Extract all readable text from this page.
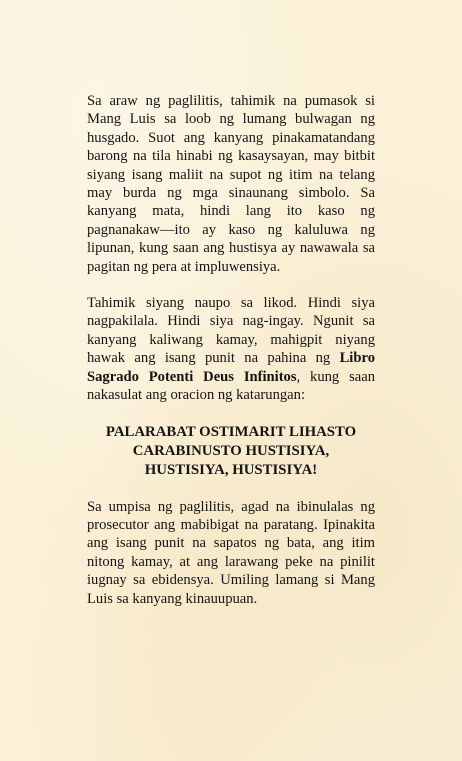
Sa araw ng paglilitis, tahimik na pumasok si Mang Luis sa loob ng lumang bulwagan ng husgado. Suot ang kanyang pinakamatandang barong na tila hinabi ng kasaysayan, may bitbit siyang isang maliit na supot ng itim na telang may burda ng mga sinaunang simbolo. Sa kanyang mata, hindi lang ito kaso ng pagnanakaw—ito ay kaso ng kaluluwa ng lipunan, kung saan ang hustisya ay nawawala sa pagitan ng pera at impluwensiya.

Tahimik siyang naupo sa likod. Hindi siya nagpakilala. Hindi siya nag-ingay. Ngunit sa kanyang kaliwang kamay, mahigpit niyang hawak ang isang punit na pahina ng Libro Sagrado Potenti Deus Infinitos, kung saan nakasulat ang oracion ng katarungan:

PALARABAT OSTIMARIT LIHASTO
CARABINUSTO HUSTISIYA,
HUSTISIYA, HUSTISIYA!

Sa umpisa ng paglilitis, agad na ibinulalas ng prosecutor ang mabibigat na paratang. Ipinakita ang isang punit na sapatos ng bata, ang itim nitong kamay, at ang larawang peke na pinilit iugnay sa ebidensya. Umiling lamang si Mang Luis sa kanyang kinauupuan.
